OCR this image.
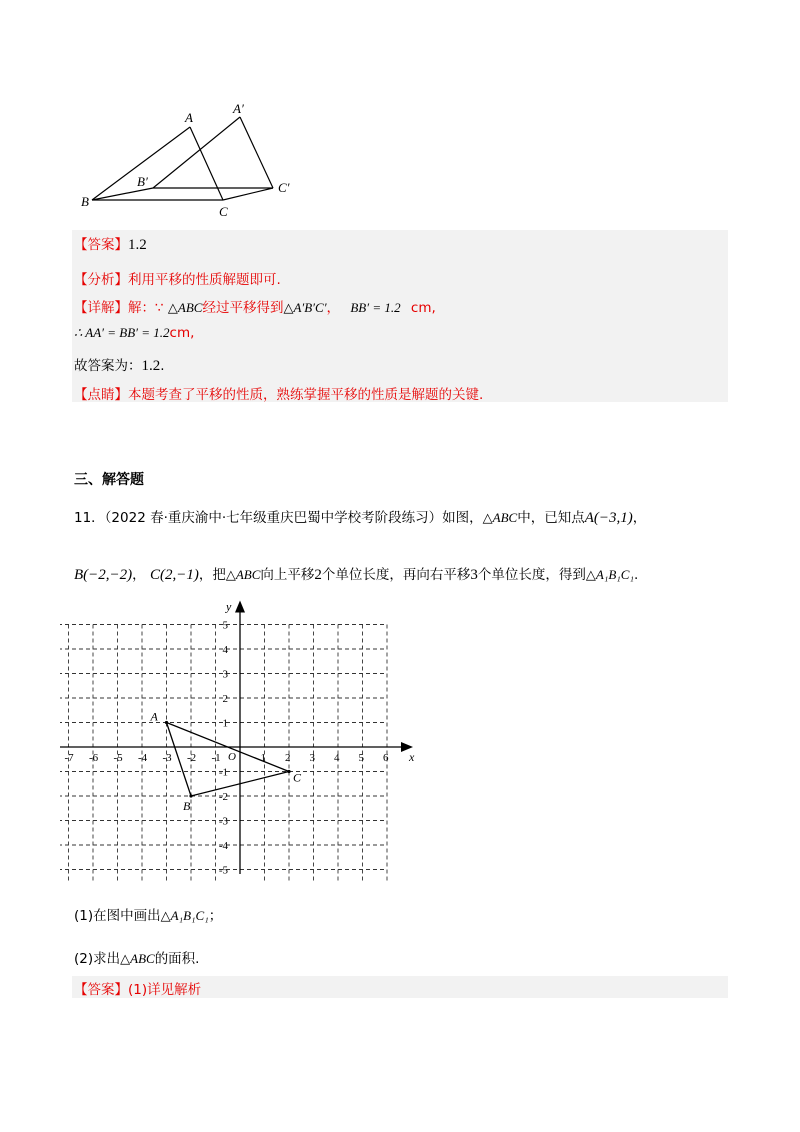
A
A′
B
B′
C
C′
【答案】1.2
【分析】利用平移的性质解题即可.
【详解】解：∵ △ABC经过平移得到△A′B′C′， BB′ = 1.2 cm,
∴ AA′ = BB′ = 1.2cm,
故答案为：1.2.
【点睛】本题考查了平移的性质，熟练掌握平移的性质是解题的关键.
三、解答题
11．（2022 春·重庆渝中·七年级重庆巴蜀中学校考阶段练习）如图，△ABC中，已知点A(−3,1)，
B(−2,−2)， C(2,−1)，把△ABC向上平移2个单位长度，再向右平移3个单位长度，得到△A₁B₁C₁.
x
y
O
-7 -6 -5 -4 -3 -2 -1	1 2 3 4 5 6
5
4
3
2
1
-1
-2
-3
-4
-5
A
B
C
(1)在图中画出△A₁B₁C₁；
(2)求出△ABC的面积.
【答案】(1)详见解析
